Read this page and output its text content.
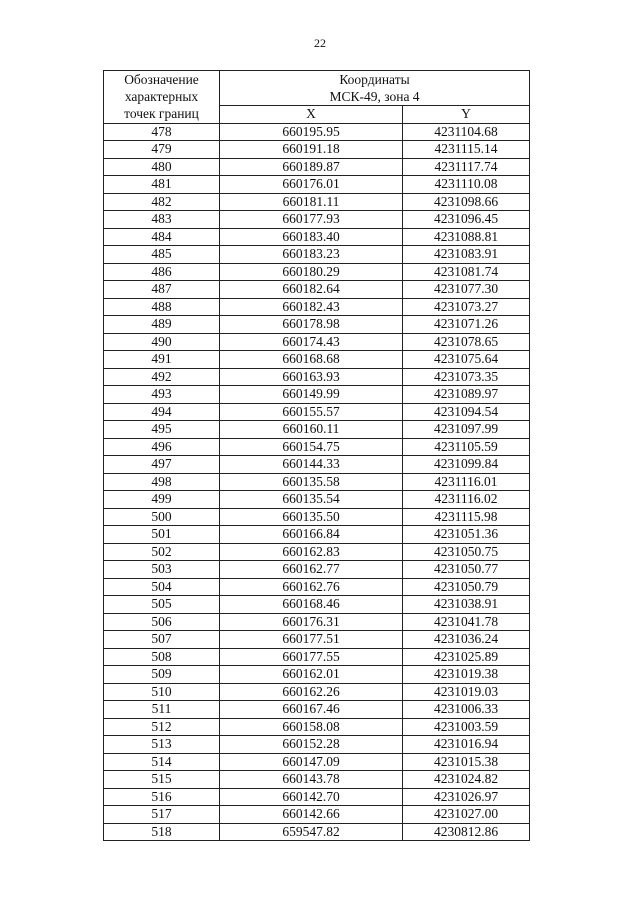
22
Обозначение
характерных
точек границ	Координаты
МСК-49, зона 4	

	X	Y
478	660195.95	4231104.68
479	660191.18	4231115.14
480	660189.87	4231117.74
481	660176.01	4231110.08
482	660181.11	4231098.66
483	660177.93	4231096.45
484	660183.40	4231088.81
485	660183.23	4231083.91
486	660180.29	4231081.74
487	660182.64	4231077.30
488	660182.43	4231073.27
489	660178.98	4231071.26
490	660174.43	4231078.65
491	660168.68	4231075.64
492	660163.93	4231073.35
493	660149.99	4231089.97
494	660155.57	4231094.54
495	660160.11	4231097.99
496	660154.75	4231105.59
497	660144.33	4231099.84
498	660135.58	4231116.01
499	660135.54	4231116.02
500	660135.50	4231115.98
501	660166.84	4231051.36
502	660162.83	4231050.75
503	660162.77	4231050.77
504	660162.76	4231050.79
505	660168.46	4231038.91
506	660176.31	4231041.78
507	660177.51	4231036.24
508	660177.55	4231025.89
509	660162.01	4231019.38
510	660162.26	4231019.03
511	660167.46	4231006.33
512	660158.08	4231003.59
513	660152.28	4231016.94
514	660147.09	4231015.38
515	660143.78	4231024.82
516	660142.70	4231026.97
517	660142.66	4231027.00
518	659547.82	4230812.86
